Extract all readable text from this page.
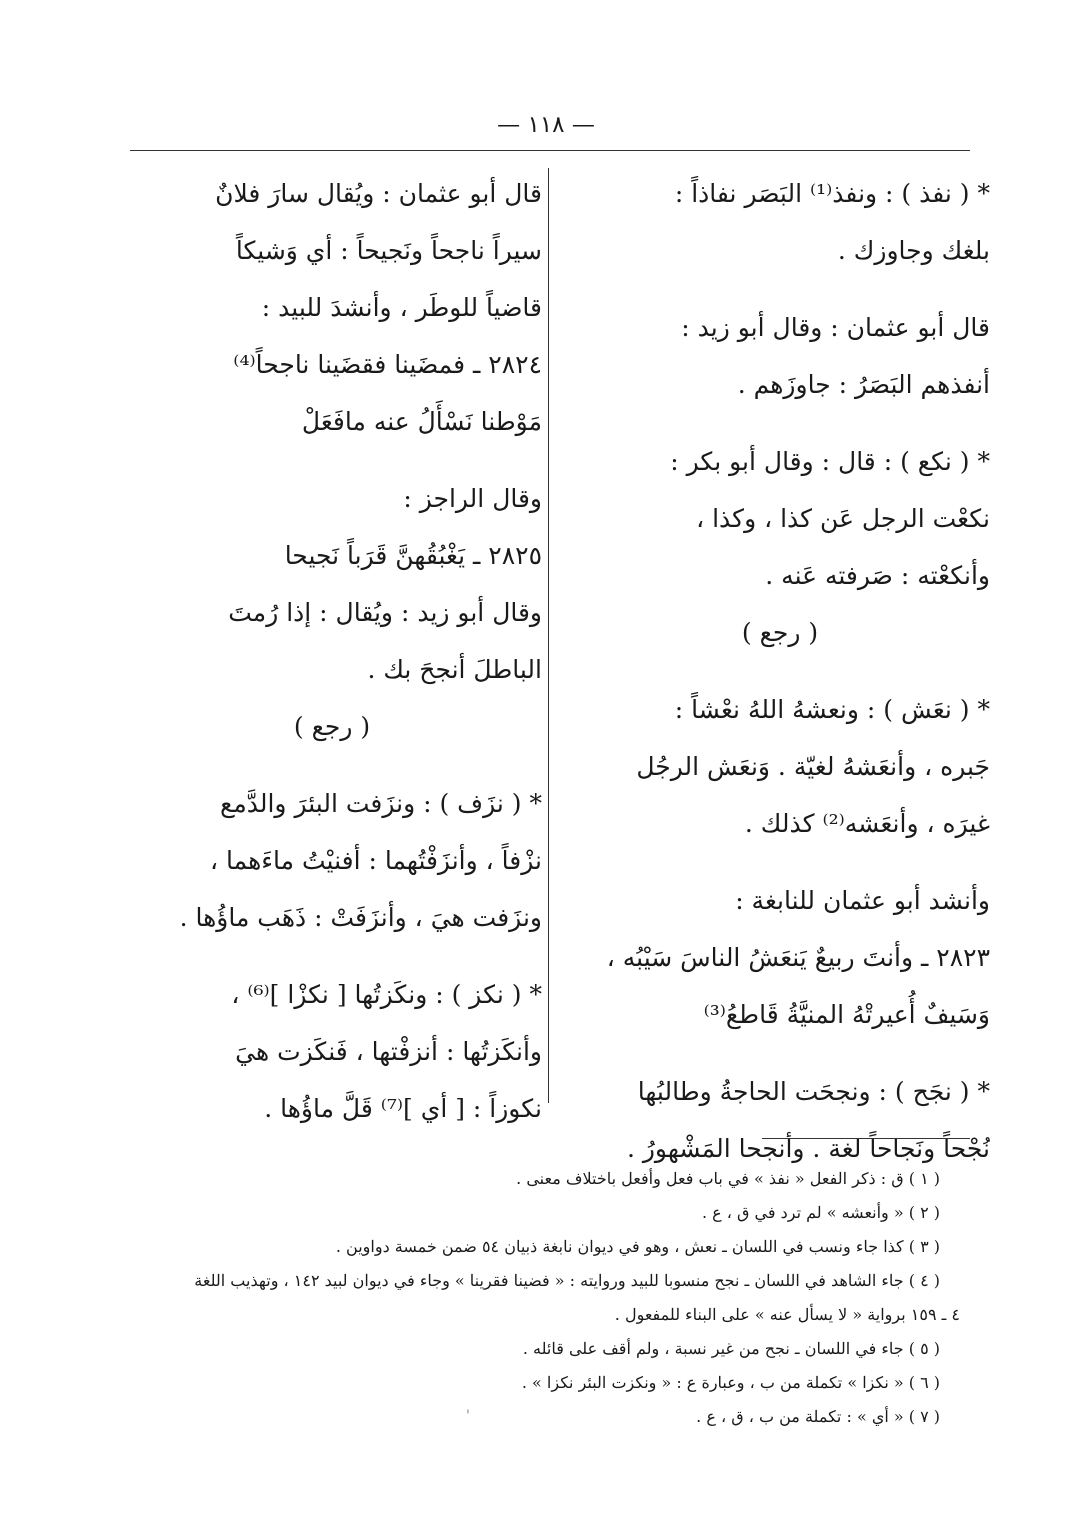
— ١١٨ —
* ( نفذ ) : ونفذ⁽¹⁾ البَصَر نفاذاً :
بلغك وجاوزك .
قال أبو عثمان : وقال أبو زيد :
أنفذهم البَصَرُ : جاوزَهم .
* ( نكع ) : قال : وقال أبو بكر :
نكعْت الرجل عَن كذا ، وكذا ،
وأنكعْته : صَرفته عَنه .
( رجع )
* ( نعَش ) : ونعشهُ اللهُ نعْشاً :
جَبره ، وأنعَشهُ لغيّة . وَنعَش الرجُل
غيرَه ، وأنعَشه⁽²⁾ كذلك .
وأنشد أبو عثمان للنابغة :
٢٨٢٣ ـ وأنتَ ربيعٌ يَنعَشُ الناسَ سَيْبُه ،
وَسَيفٌ أُعيرتْهُ المنيَّةُ قَاطعُ⁽³⁾
* ( نجَح ) : ونجحَت الحاجةُ وطالبُها
نُجْحاً ونَجاحاً لغة . وأنجحا المَشْهورُ .
قال أبو عثمان : ويُقال سارَ فلانٌ
سيراً ناجحاً ونَجيحاً : أي وَشيكاً
قاضياً للوطَر ، وأنشدَ للبيد :
٢٨٢٤ ـ فمضَينا فقضَينا ناجحاً⁽⁴⁾
مَوْطنا نَسْأَلُ عنه مافَعَلْ
وقال الراجز :
٢٨٢٥ ـ يَغْبُقُهنَّ قَرَباً نَجيحا
وقال أبو زيد : ويُقال : إذا رُمتَ
الباطلَ أنجحَ بك .
( رجع )
* ( نزَف ) : ونزَفت البئرَ والدَّمع
نزْفاً ، وأنزَفْتُهما : أفنيْتُ ماءَهما ،
ونزَفت هيَ ، وأنزَفَتْ : ذَهَب ماؤُها .
* ( نكز ) : ونكَزتُها [ نكزْا ]⁽⁶⁾ ،
وأنكَزتُها : أنزفْتها ، فَنكَزت هيَ
نكوزاً : [ أي ]⁽⁷⁾ قَلَّ ماؤُها .
( ١ ) ق : ذكر الفعل « نفذ » في باب فعل وأفعل باختلاف معنى .
( ٢ ) « وأنعشه » لم ترد في ق ، ع .
( ٣ ) كذا جاء ونسب في اللسان ـ نعش ، وهو في ديوان نابغة ذبيان ٥٤ ضمن خمسة دواوين .
( ٤ ) جاء الشاهد في اللسان ـ نجح منسوبا للبيد وروايته : « فضينا فقرينا » وجاء في ديوان لبيد ١٤٢ ، وتهذيب اللغة
٤ ـ ١٥٩ برواية « لا يسأل عنه » على البناء للمفعول .
( ٥ ) جاء في اللسان ـ نجح من غير نسبة ، ولم أقف على قائله .
( ٦ ) « نكزا » تكملة من ب ، وعبارة ع : « ونكزت البئر نكزا » .
( ٧ ) « أي » : تكملة من ب ، ق ، ع .
'
